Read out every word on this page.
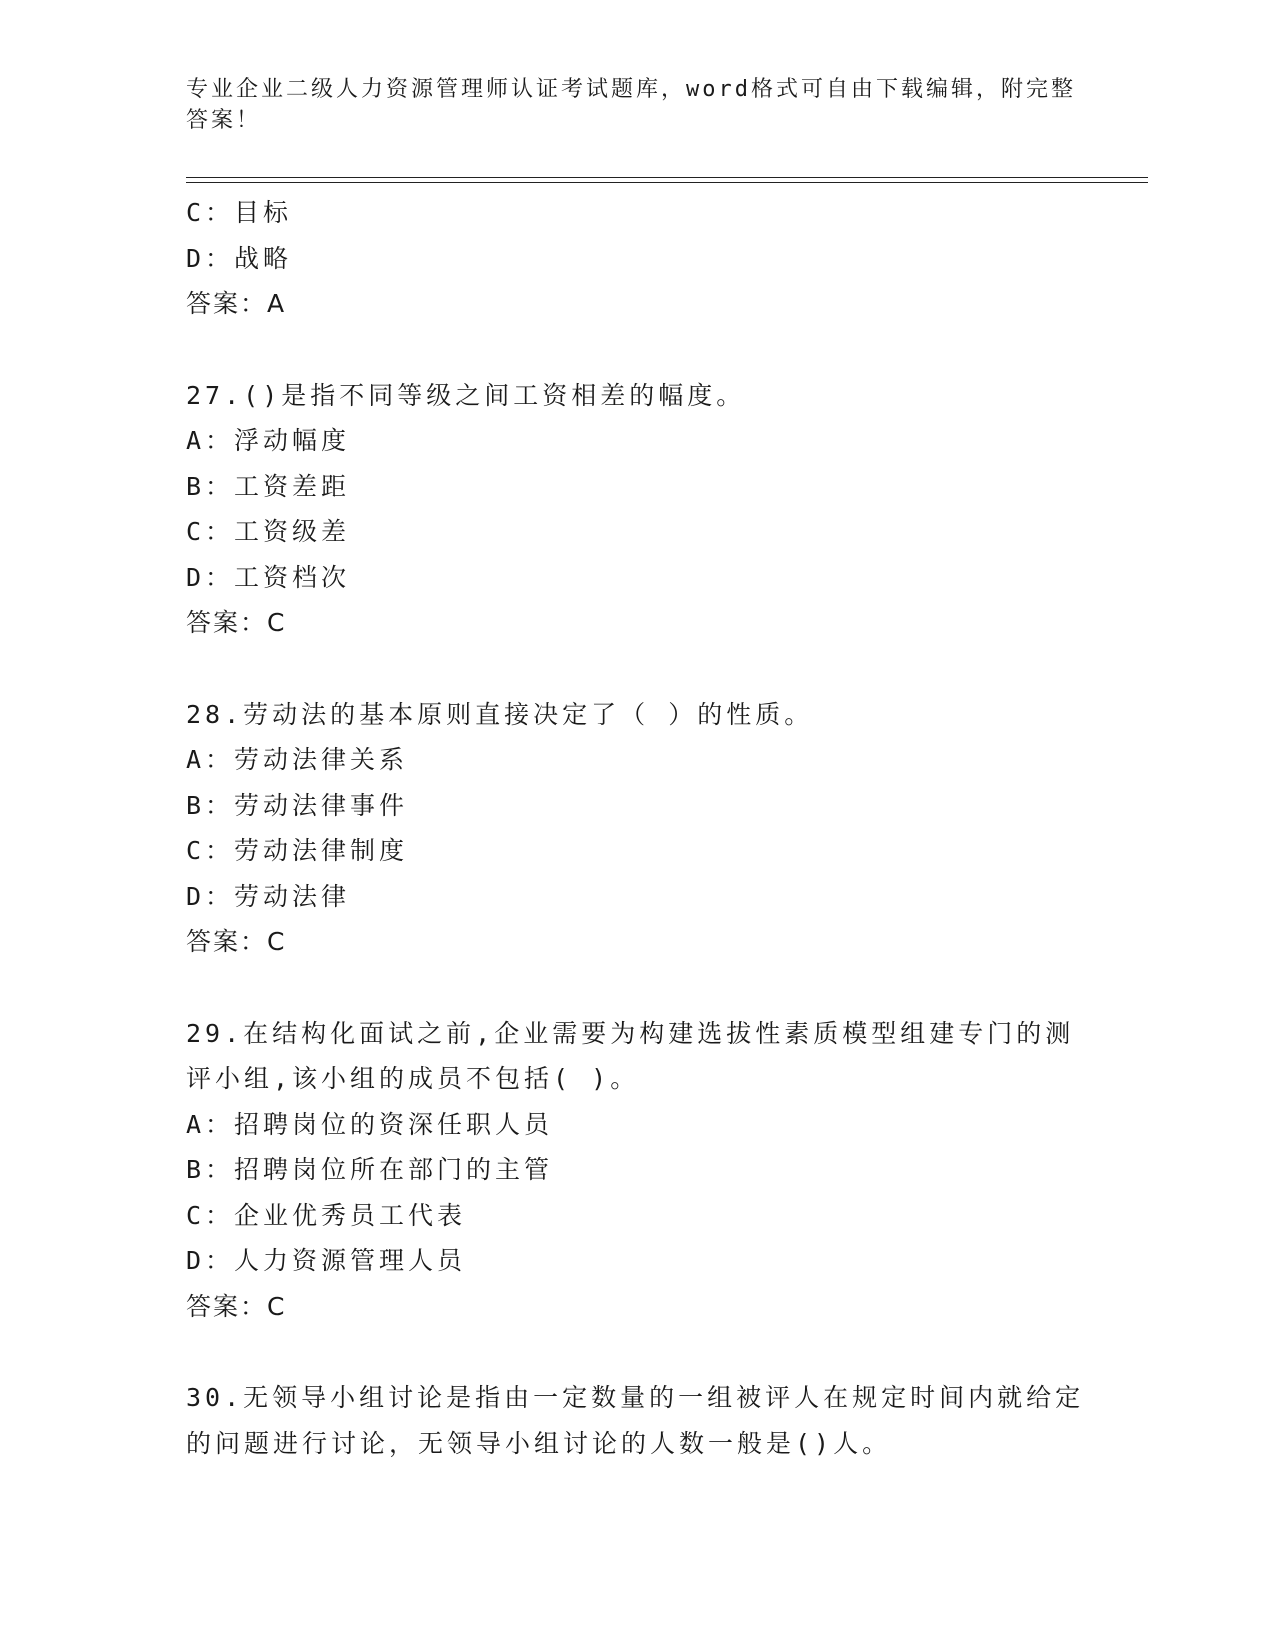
专业企业二级人力资源管理师认证考试题库，word格式可自由下载编辑，附完整
答案！
C：目标
D：战略
答案：A
27.()是指不同等级之间工资相差的幅度。
A：浮动幅度
B：工资差距
C：工资级差
D：工资档次
答案：C
28.劳动法的基本原则直接决定了（ ）的性质。
A：劳动法律关系
B：劳动法律事件
C：劳动法律制度
D：劳动法律
答案：C
29.在结构化面试之前,企业需要为构建选拔性素质模型组建专门的测
评小组,该小组的成员不包括( )。
A：招聘岗位的资深任职人员
B：招聘岗位所在部门的主管
C：企业优秀员工代表
D：人力资源管理人员
答案：C
30.无领导小组讨论是指由一定数量的一组被评人在规定时间内就给定
的问题进行讨论，无领导小组讨论的人数一般是()人。
